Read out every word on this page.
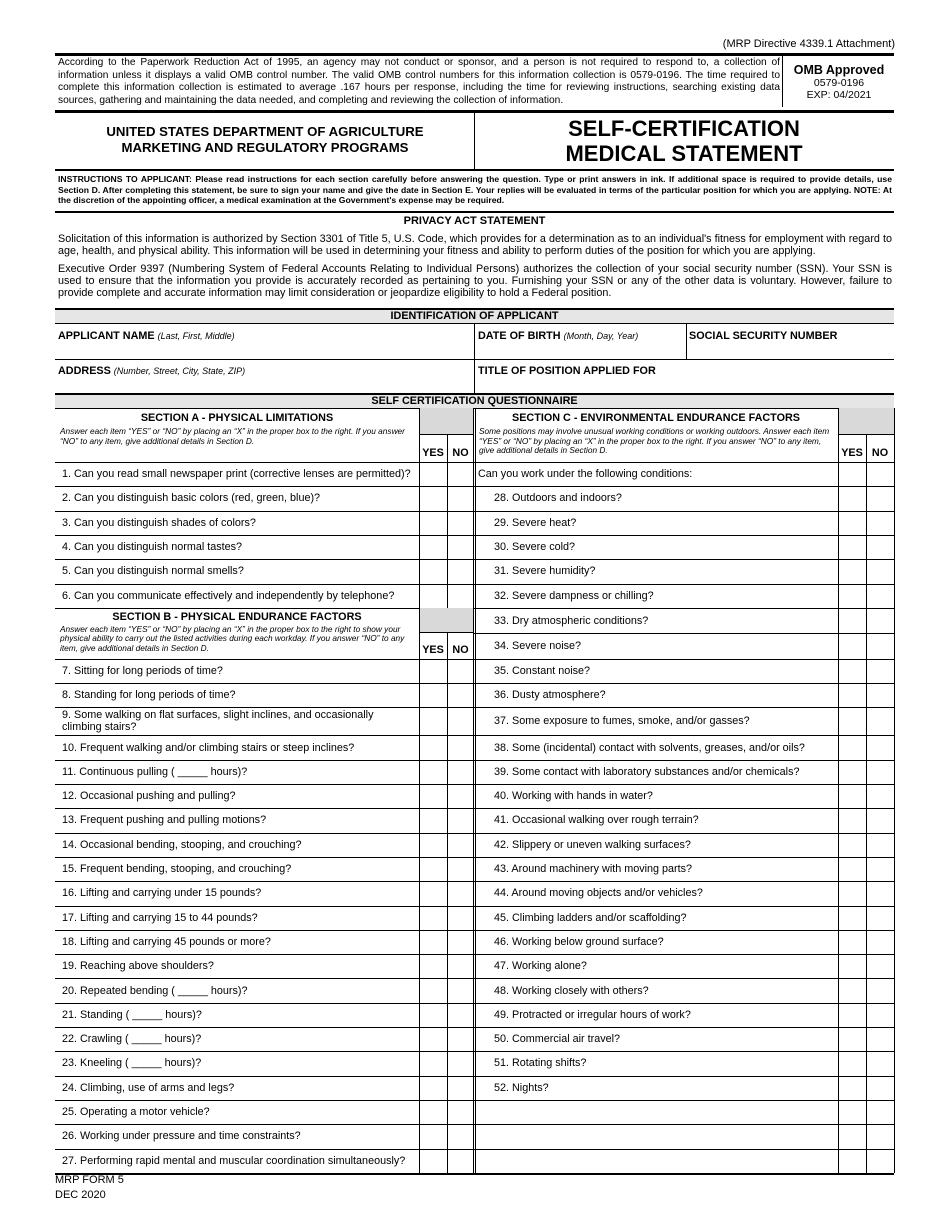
(MRP Directive 4339.1 Attachment)
According to the Paperwork Reduction Act of 1995, an agency may not conduct or sponsor, and a person is not required to respond to, a collection of information unless it displays a valid OMB control number. The valid OMB control numbers for this information collection is 0579-0196. The time required to complete this information collection is estimated to average .167 hours per response, including the time for reviewing instructions, searching existing data sources, gathering and maintaining the data needed, and completing and reviewing the collection of information.
OMB Approved
0579-0196
EXP: 04/2021
UNITED STATES DEPARTMENT OF AGRICULTURE
MARKETING AND REGULATORY PROGRAMS
SELF-CERTIFICATION
MEDICAL STATEMENT
INSTRUCTIONS TO APPLICANT: Please read instructions for each section carefully before answering the question. Type or print answers in ink. If additional space is required to provide details, use Section D. After completing this statement, be sure to sign your name and give the date in Section E. Your replies will be evaluated in terms of the particular position for which you are applying. NOTE: At the discretion of the appointing officer, a medical examination at the Government's expense may be required.
PRIVACY ACT STATEMENT
Solicitation of this information is authorized by Section 3301 of Title 5, U.S. Code, which provides for a determination as to an individual's fitness for employment with regard to age, health, and physical ability. This information will be used in determining your fitness and ability to perform duties of the position for which you are applying.
Executive Order 9397 (Numbering System of Federal Accounts Relating to Individual Persons) authorizes the collection of your social security number (SSN). Your SSN is used to ensure that the information you provide is accurately recorded as pertaining to you. Furnishing your SSN or any of the other data is voluntary. However, failure to provide complete and accurate information may limit consideration or jeopardize eligibility to hold a Federal position.
IDENTIFICATION OF APPLICANT
APPLICANT NAME (Last, First, Middle)	DATE OF BIRTH (Month, Day, Year)	SOCIAL SECURITY NUMBER
ADDRESS (Number, Street, City, State, ZIP)	TITLE OF POSITION APPLIED FOR
SELF CERTIFICATION QUESTIONNAIRE
SECTION A - PHYSICAL LIMITATIONS
Answer each item “YES” or “NO” by placing an “X” in the proper box to the right. If you answer “NO” to any item, give additional details in Section D.
YES NO
SECTION B - PHYSICAL ENDURANCE FACTORS
Answer each item “YES” or “NO” by placing an “X” in the proper box to the right to show your physical ability to carry out the listed activities during each workday. If you answer “NO” to any item, give additional details in Section D.	YES NO
1. Can you read small newspaper print (corrective lenses are permitted)?
2. Can you distinguish basic colors (red, green, blue)?
3. Can you distinguish shades of colors?
4. Can you distinguish normal tastes?
5. Can you distinguish normal smells?
6. Can you communicate effectively and independently by telephone?
7. Sitting for long periods of time?
8. Standing for long periods of time?
9. Some walking on flat surfaces, slight inclines, and occasionally climbing stairs?
10. Frequent walking and/or climbing stairs or steep inclines?
11. Continuous pulling ( _____ hours)?
12. Occasional pushing and pulling?
13. Frequent pushing and pulling motions?
14. Occasional bending, stooping, and crouching?
15. Frequent bending, stooping, and crouching?
16. Lifting and carrying under 15 pounds?
17. Lifting and carrying 15 to 44 pounds?
18. Lifting and carrying 45 pounds or more?
19. Reaching above shoulders?
20. Repeated bending ( _____ hours)?
21. Standing ( _____ hours)?
22. Crawling ( _____ hours)?
23. Kneeling ( _____ hours)?
24. Climbing, use of arms and legs?
25. Operating a motor vehicle?
26. Working under pressure and time constraints?
27. Performing rapid mental and muscular coordination simultaneously?
SECTION C - ENVIRONMENTAL ENDURANCE FACTORS
Some positions may involve unusual working conditions or working outdoors. Answer each item “YES” or “NO” by placing an “X” in the proper box to the right. If you answer “NO” to any item, give additional details in Section D.	YES NO
Can you work under the following conditions:
28. Outdoors and indoors?
29. Severe heat?
30. Severe cold?
31. Severe humidity?
32. Severe dampness or chilling?
33. Dry atmospheric conditions?
34. Severe noise?
35. Constant noise?
36. Dusty atmosphere?
37. Some exposure to fumes, smoke, and/or gasses?
38. Some (incidental) contact with solvents, greases, and/or oils?
39. Some contact with laboratory substances and/or chemicals?
40. Working with hands in water?
41. Occasional walking over rough terrain?
42. Slippery or uneven walking surfaces?
43. Around machinery with moving parts?
44. Around moving objects and/or vehicles?
45. Climbing ladders and/or scaffolding?
46. Working below ground surface?
47. Working alone?
48. Working closely with others?
49. Protracted or irregular hours of work?
50. Commercial air travel?
51. Rotating shifts?
52. Nights?
MRP FORM 5
DEC 2020
